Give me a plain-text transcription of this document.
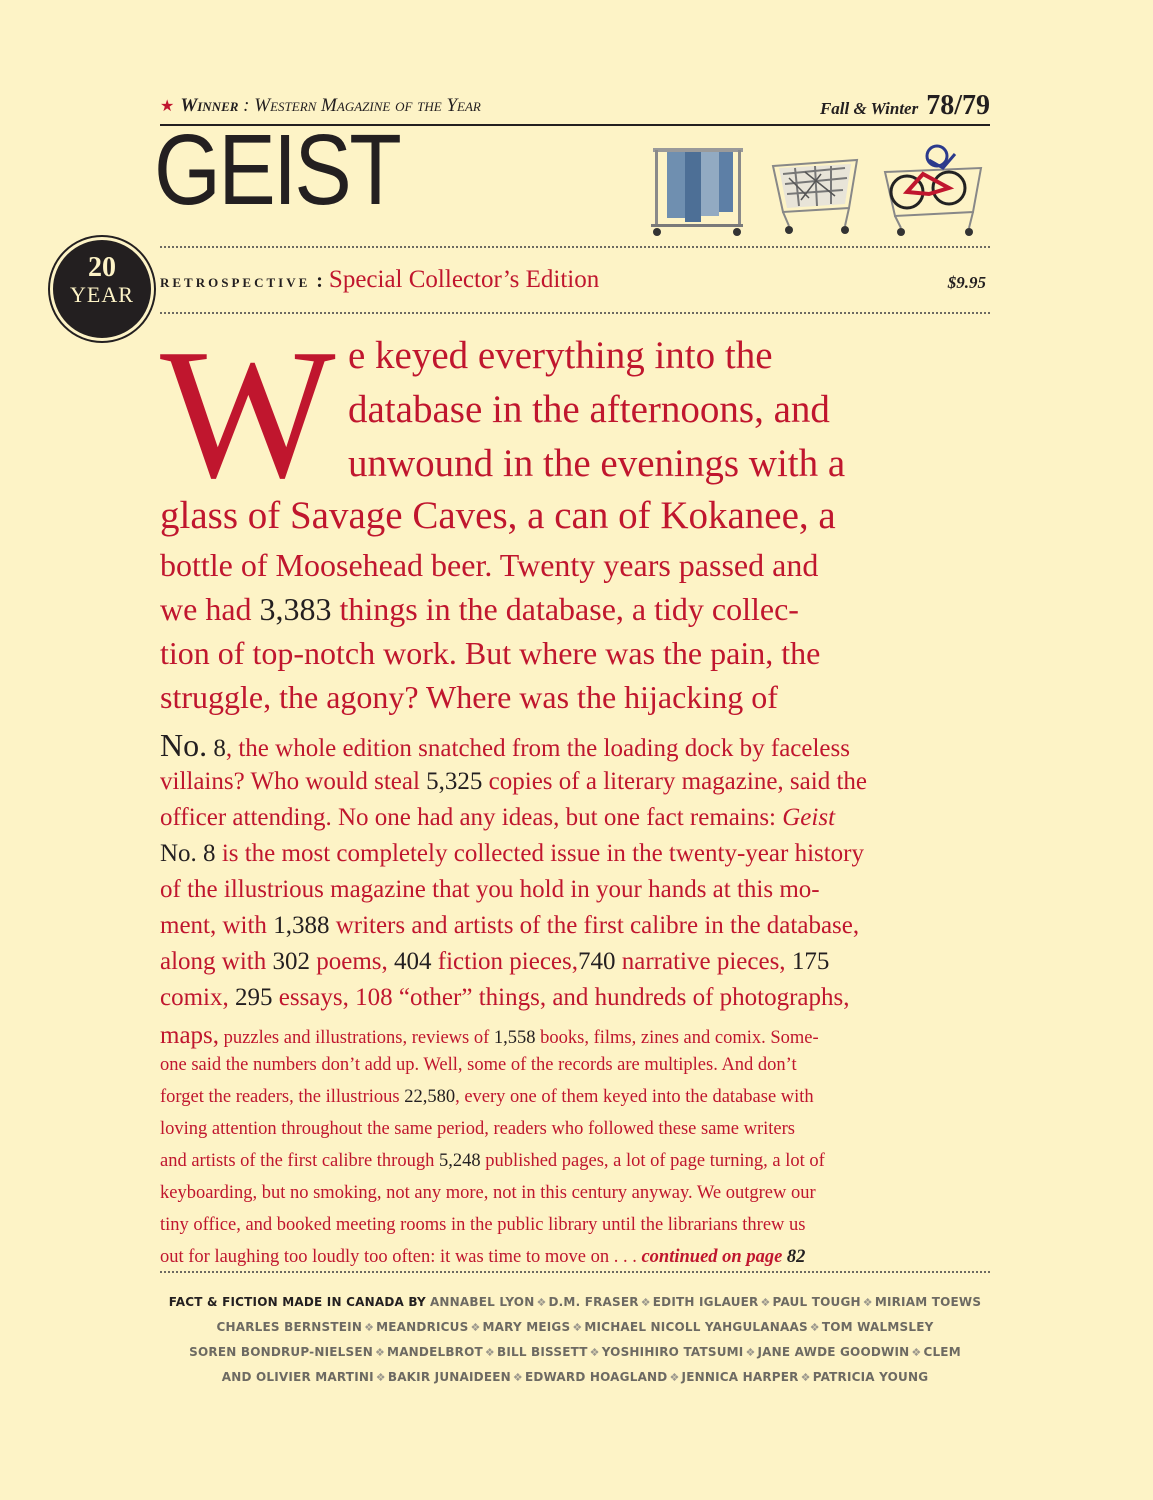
★ Winner : Western Magazine of the Year	Fall & Winter 78/79
GEIST
20
YEAR	RETROSPECTIVE : Special Collector’s Edition	$9.95
W e keyed everything into the
database in the afternoons, and
unwound in the evenings with a
glass of Savage Caves, a can of Kokanee, a
bottle of Moosehead beer. Twenty years passed and
we had 3,383 things in the database, a tidy collec-
tion of top-notch work. But where was the pain, the
struggle, the agony? Where was the hijacking of
No. 8, the whole edition snatched from the loading dock by faceless
villains? Who would steal 5,325 copies of a literary magazine, said the
officer attending. No one had any ideas, but one fact remains: Geist
No. 8 is the most completely collected issue in the twenty-year history
of the illustrious magazine that you hold in your hands at this mo-
ment, with 1,388 writers and artists of the first calibre in the database,
along with 302 poems, 404 fiction pieces,740 narrative pieces, 175
comix, 295 essays, 108 “other” things, and hundreds of photographs,
maps, puzzles and illustrations, reviews of 1,558 books, films, zines and comix. Some-
one said the numbers don’t add up. Well, some of the records are multiples. And don’t
forget the readers, the illustrious 22,580, every one of them keyed into the database with
loving attention throughout the same period, readers who followed these same writers
and artists of the first calibre through 5,248 published pages, a lot of page turning, a lot of
keyboarding, but no smoking, not any more, not in this century anyway. We outgrew our
tiny office, and booked meeting rooms in the public library until the librarians threw us
out for laughing too loudly too often: it was time to move on . . . continued on page 82
FACT & FICTION MADE IN CANADA BY ANNABEL LYON ❖ D.M. FRASER ❖ EDITH IGLAUER ❖ PAUL TOUGH ❖ MIRIAM TOEWS
CHARLES BERNSTEIN ❖ MEANDRICUS ❖ MARY MEIGS ❖ MICHAEL NICOLL YAHGULANAAS ❖ TOM WALMSLEY
SOREN BONDRUP-NIELSEN ❖ MANDELBROT ❖ BILL BISSETT ❖ YOSHIHIRO TATSUMI ❖ JANE AWDE GOODWIN ❖ CLEM
AND OLIVIER MARTINI ❖ BAKIR JUNAIDEEN ❖ EDWARD HOAGLAND ❖ JENNICA HARPER ❖ PATRICIA YOUNG
